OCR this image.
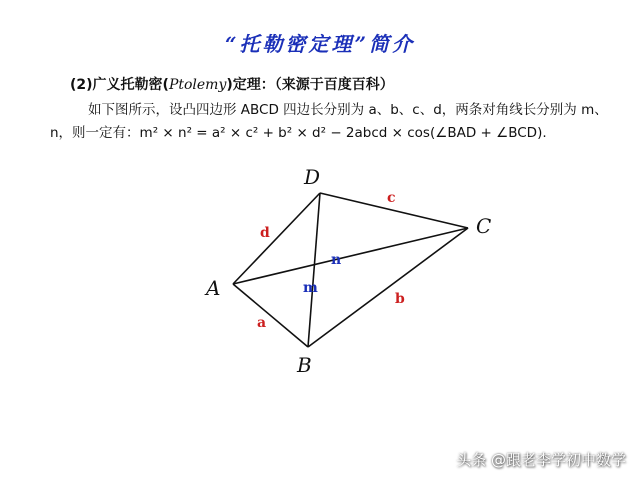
“托勒密定理”简介
(2)广义托勒密(Ptolemy)定理：（来源于百度百科）
如下图所示，设凸四边形 ABCD 四边长分别为 a、b、c、d，两条对角线长分别为 m、
n，则一定有：m² × n² = a² × c² + b² × d² − 2abcd × cos(∠BAD + ∠BCD).
D
C
A
B
d
c
a
b
n
m
头条 @跟老李学初中数学
